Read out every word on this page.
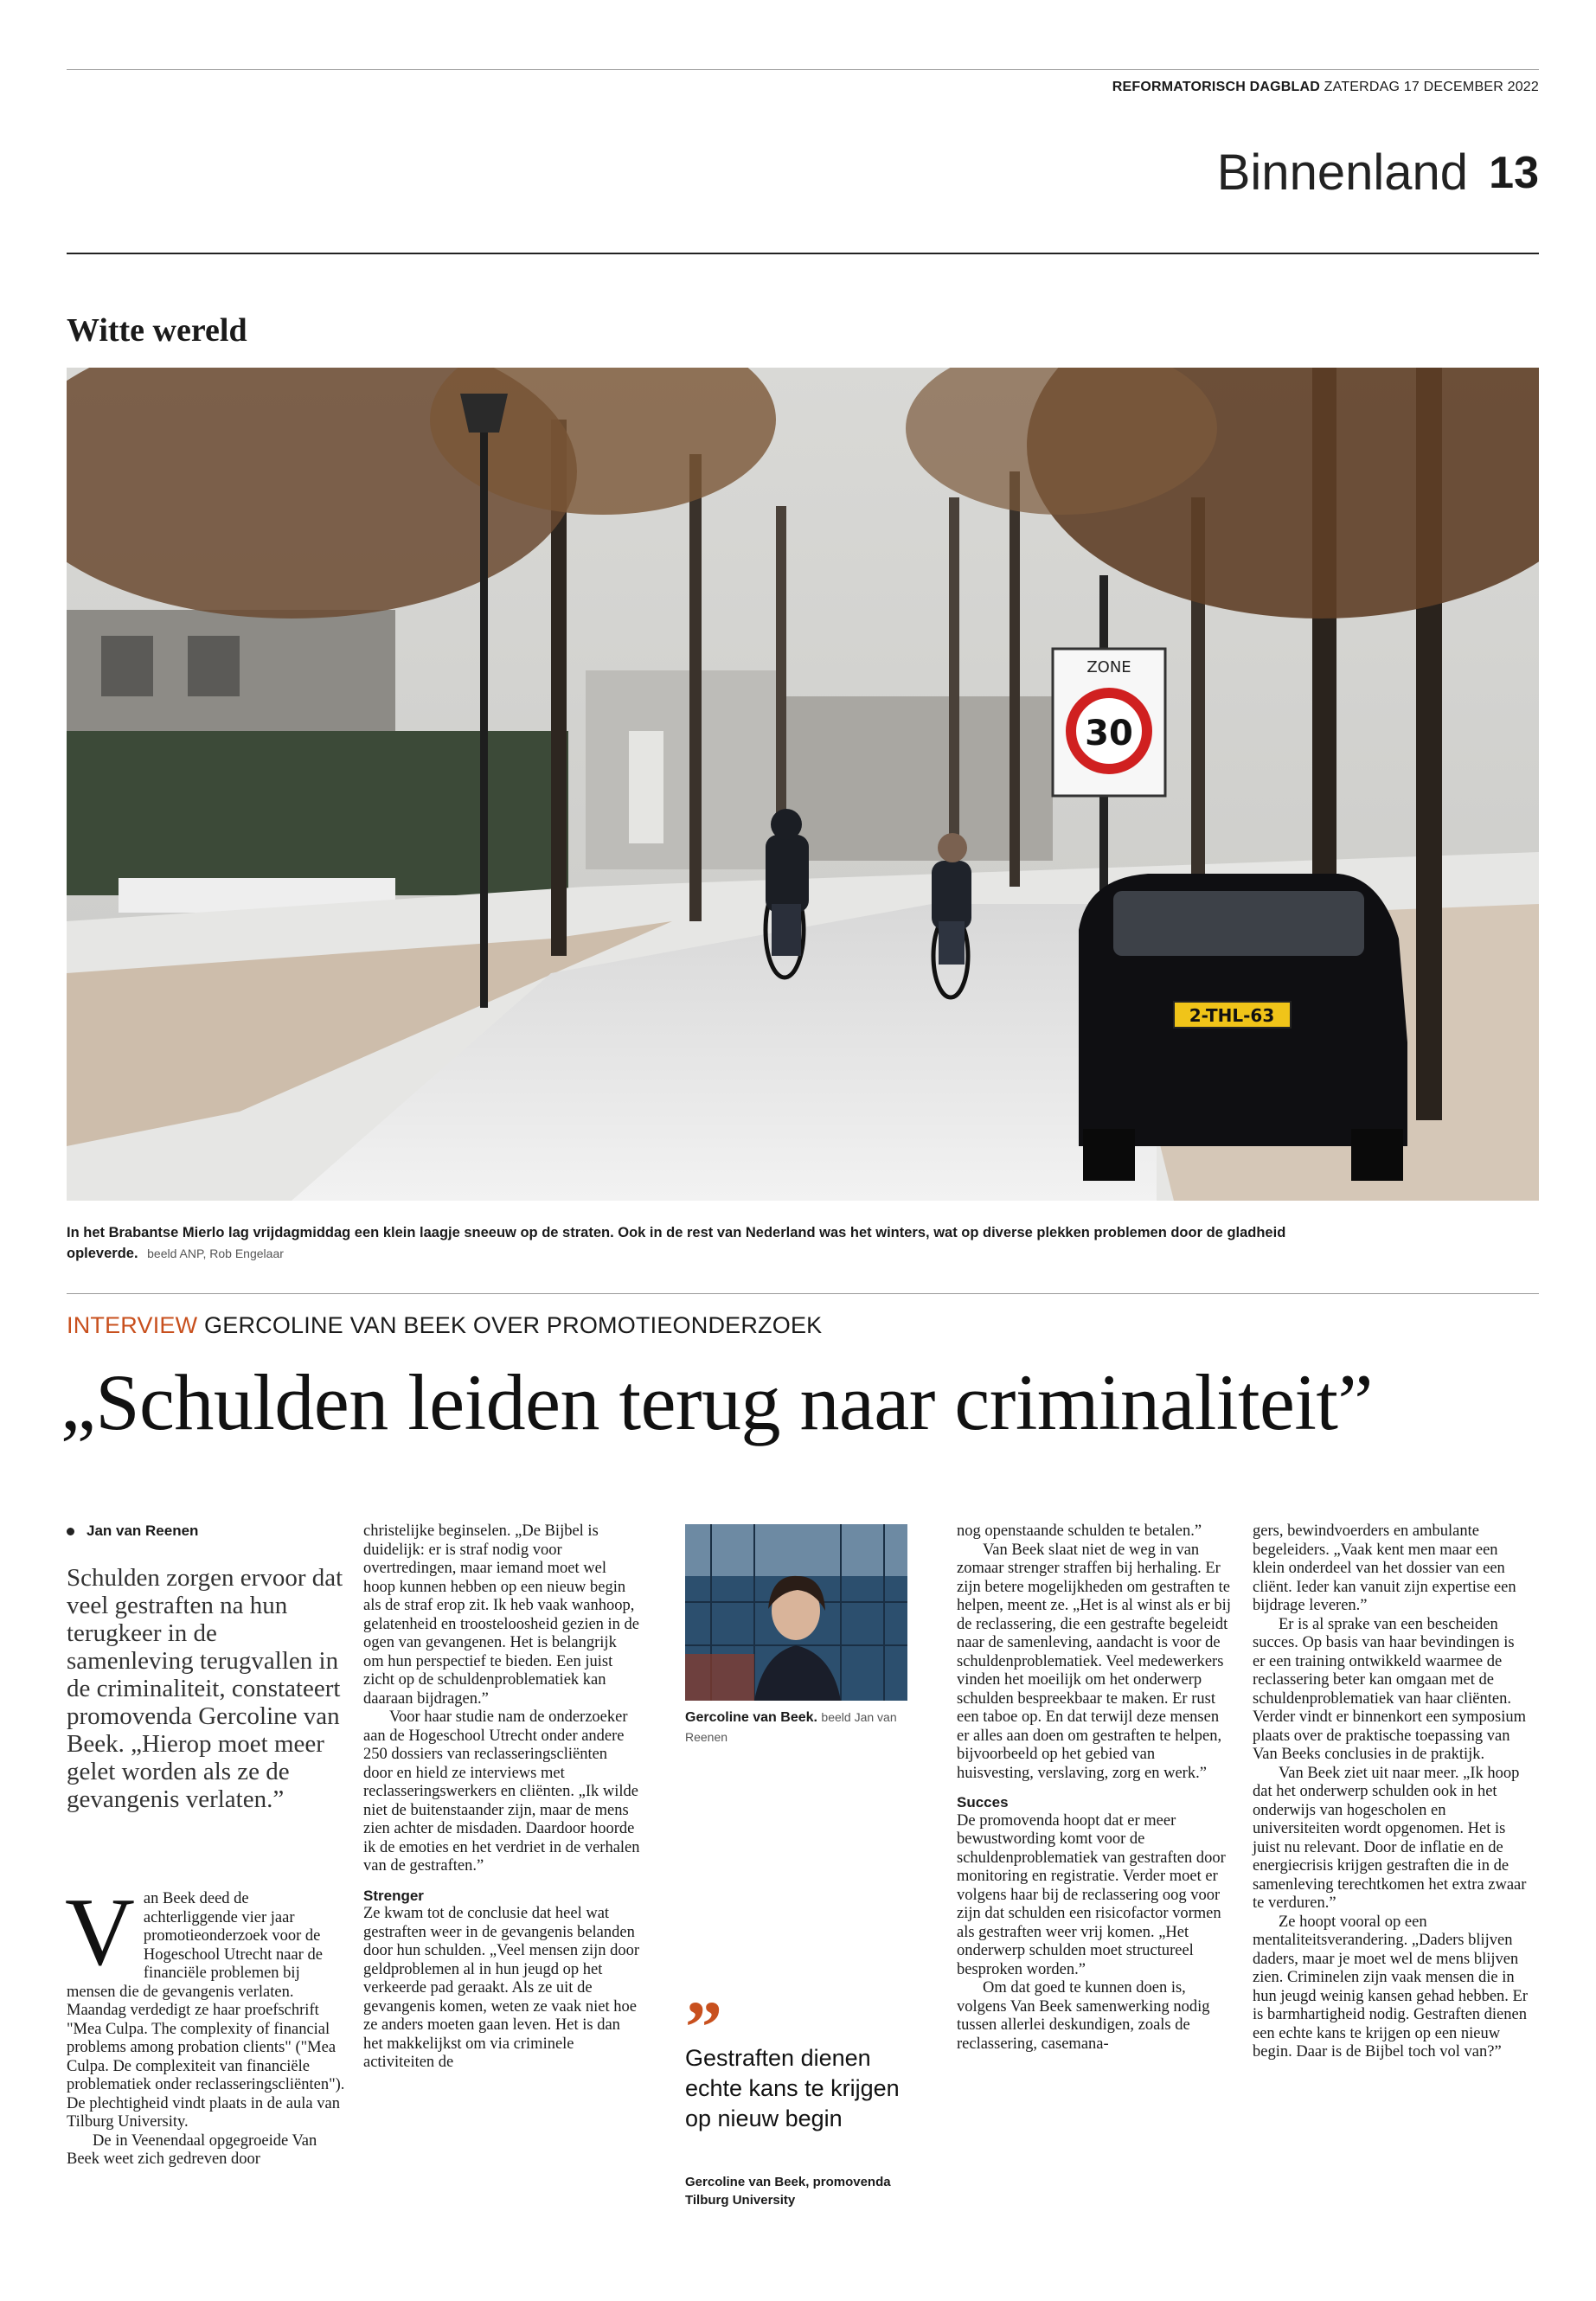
REFORMATORISCH DAGBLAD ZATERDAG 17 DECEMBER 2022
Binnenland 13
Witte wereld
ZONE
30
2-THL-63
In het Brabantse Mierlo lag vrijdagmiddag een klein laagje sneeuw op de straten. Ook in de rest van Nederland was het winters, wat op diverse plekken problemen door de gladheid opleverde. beeld ANP, Rob Engelaar
INTERVIEW GERCOLINE VAN BEEK OVER PROMOTIEONDERZOEK
„Schulden leiden terug naar criminaliteit”
Jan van Reenen
Schulden zorgen ervoor dat veel gestraften na hun terugkeer in de samenleving terugvallen in de criminaliteit, constateert promovenda Gercoline van Beek. „Hierop moet meer gelet worden als ze de gevangenis verlaten.”

Van Beek deed de achterliggende vier jaar promotieonderzoek voor de Hogeschool Utrecht naar de financiële problemen bij mensen die de gevangenis verlaten. Maandag verdedigt ze haar proefschrift "Mea Culpa. The complexity of financial problems among probation clients" ("Mea Culpa. De complexiteit van financiële problematiek onder reclasseringscliënten"). De plechtigheid vindt plaats in de aula van Tilburg University.

De in Veenendaal opgegroeide Van Beek weet zich gedreven door

christelijke beginselen. „De Bijbel is duidelijk: er is straf nodig voor overtredingen, maar iemand moet wel hoop kunnen hebben op een nieuw begin als de straf erop zit. Ik heb vaak wanhoop, gelatenheid en troosteloosheid gezien in de ogen van gevangenen. Het is belangrijk om hun perspectief te bieden. Een juist zicht op de schuldenproblematiek kan daaraan bijdragen.”

Voor haar studie nam de onderzoeker aan de Hogeschool Utrecht onder andere 250 dossiers van reclasseringscliënten door en hield ze interviews met reclasseringswerkers en cliënten. „Ik wilde niet de buitenstaander zijn, maar de mens zien achter de misdaden. Daardoor hoorde ik de emoties en het verdriet in de verhalen van de gestraften.”

Strenger

Ze kwam tot de conclusie dat heel wat gestraften weer in de gevangenis belanden door hun schulden. „Veel mensen zijn door geldproblemen al in hun jeugd op het verkeerde pad geraakt. Als ze uit de gevangenis komen, weten ze vaak niet hoe ze anders moeten gaan leven. Het is dan het makkelijkst om via criminele activiteiten de

Gercoline van Beek. beeld Jan van Reenen
”
Gestraften dienen echte kans te krijgen op nieuw begin
Gercoline van Beek, promovenda Tilburg University

nog openstaande schulden te betalen.”

Van Beek slaat niet de weg in van zomaar strenger straffen bij herhaling. Er zijn betere mogelijkheden om gestraften te helpen, meent ze. „Het is al winst als er bij de reclassering, die een gestrafte begeleidt naar de samenleving, aandacht is voor de schuldenproblematiek. Veel medewerkers vinden het moeilijk om het onderwerp schulden bespreekbaar te maken. Er rust een taboe op. En dat terwijl deze mensen er alles aan doen om gestraften te helpen, bijvoorbeeld op het gebied van huisvesting, verslaving, zorg en werk.”

Succes

De promovenda hoopt dat er meer bewustwording komt voor de schuldenproblematiek van gestraften door monitoring en registratie. Verder moet er volgens haar bij de reclassering oog voor zijn dat schulden een risicofactor vormen als gestraften weer vrij komen. „Het onderwerp schulden moet structureel besproken worden.”

Om dat goed te kunnen doen is, volgens Van Beek samenwerking nodig tussen allerlei deskundigen, zoals de reclassering, casemana-

gers, bewindvoerders en ambulante begeleiders. „Vaak kent men maar een klein onderdeel van het dossier van een cliënt. Ieder kan vanuit zijn expertise een bijdrage leveren.”

Er is al sprake van een bescheiden succes. Op basis van haar bevindingen is er een training ontwikkeld waarmee de reclassering beter kan omgaan met de schuldenproblematiek van haar cliënten. Verder vindt er binnenkort een symposium plaats over de praktische toepassing van Van Beeks conclusies in de praktijk.

Van Beek ziet uit naar meer. „Ik hoop dat het onderwerp schulden ook in het onderwijs van hogescholen en universiteiten wordt opgenomen. Het is juist nu relevant. Door de inflatie en de energiecrisis krijgen gestraften die in de samenleving terechtkomen het extra zwaar te verduren.”

Ze hoopt vooral op een mentaliteitsverandering. „Daders blijven daders, maar je moet wel de mens blijven zien. Criminelen zijn vaak mensen die in hun jeugd weinig kansen gehad hebben. Er is barmhartigheid nodig. Gestraften dienen een echte kans te krijgen op een nieuw begin. Daar is de Bijbel toch vol van?”
